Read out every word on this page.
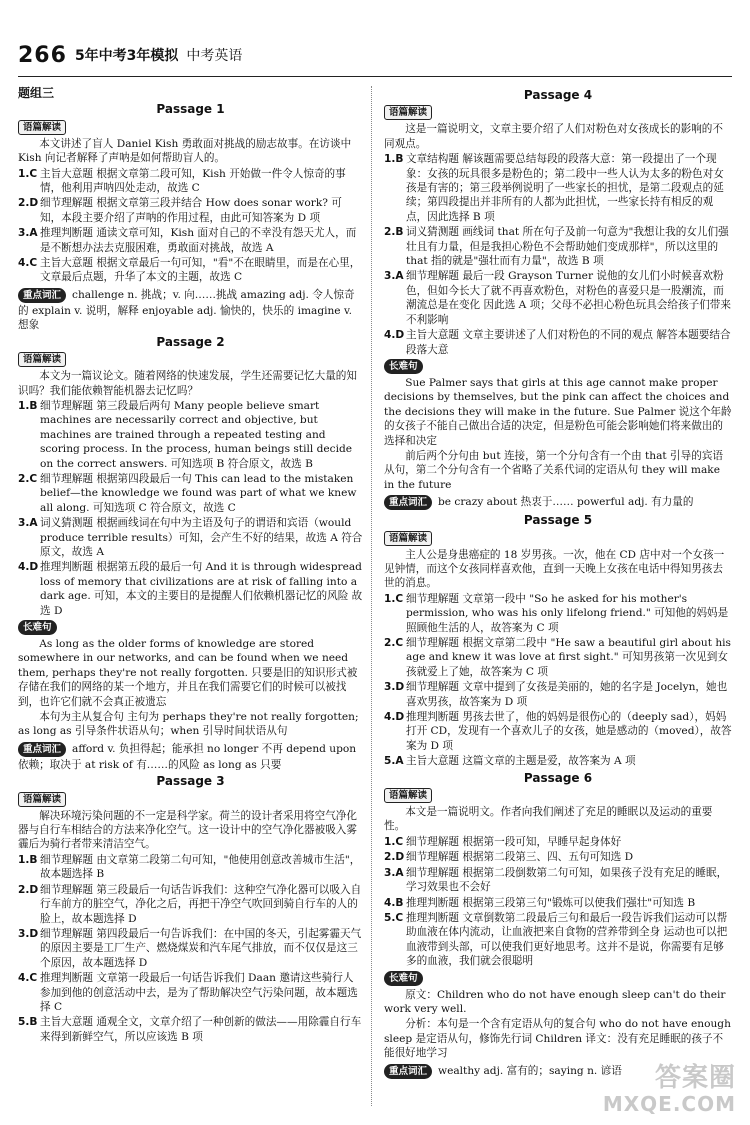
266 5年中考3年模拟 中考英语
题组三
Passage 1
语篇解读
本文讲述了盲人 Daniel Kish 勇敢面对挑战的励志故事。在访谈中 Kish 向记者解释了声呐是如何帮助盲人的。
1.C 主旨大意题 根据文章第二段可知，Kish 开始做一件令人惊奇的事情，他利用声呐四处走动，故选 C
2.D 细节理解题 根据文章第三段并结合 How does sonar work? 可知，本段主要介绍了声呐的作用过程，由此可知答案为 D 项
3.A 推理判断题 通读文章可知，Kish 面对自己的不幸没有怨天尤人，而是不断想办法去克服困难，勇敢面对挑战，故选 A
4.C 主旨大意题 根据文章最后一句可知，"看"不在眼睛里，而是在心里，文章最后点题，升华了本文的主题，故选 C
重点词汇 challenge n. 挑战；v. 向……挑战 amazing adj. 令人惊奇的 explain v. 说明，解释 enjoyable adj. 愉快的，快乐的 imagine v. 想象
Passage 2
语篇解读
本文为一篇议论文。随着网络的快速发展，学生还需要记忆大量的知识吗？我们能依赖智能机器去记忆吗？
1.B 细节理解题 第三段最后两句 Many people believe smart machines are necessarily correct and objective, but machines are trained through a repeated testing and scoring process. In the process, human beings still decide on the correct answers. 可知选项 B 符合原文，故选 B
2.C 细节理解题 根据第四段最后一句 This can lead to the mistaken belief—the knowledge we found was part of what we knew all along. 可知选项 C 符合原文，故选 C
3.A 词义猜测题 根据画线词在句中为主语及句子的谓语和宾语（would produce terrible results）可知，会产生不好的结果，故选 A 符合原文，故选 A
4.D 推理判断题 根据第五段的最后一句 And it is through widespread loss of memory that civilizations are at risk of falling into a dark age. 可知，本文的主要目的是提醒人们依赖机器记忆的风险 故选 D
长难句
As long as the older forms of knowledge are stored somewhere in our networks, and can be found when we need them, perhaps they're not really forgotten. 只要是旧的知识形式被存储在我们的网络的某一个地方，并且在我们需要它们的时候可以被找到，也许它们就不会真正被遗忘
本句为主从复合句 主句为 perhaps they're not really forgotten; as long as 引导条件状语从句；when 引导时间状语从句
重点词汇 afford v. 负担得起；能承担 no longer 不再 depend upon 依赖；取决于 at risk of 有……的风险 as long as 只要
Passage 3
语篇解读
解决环境污染问题的不一定是科学家。荷兰的设计者采用将空气净化器与自行车相结合的方法来净化空气。这一设计中的空气净化器被吸入雾霾后为骑行者带来清洁空气。
1.B 细节理解题 由文章第二段第二句可知，"他使用创意改善城市生活"，故本题选择 B
2.D 细节理解题 第三段最后一句话告诉我们：这种空气净化器可以吸入自行车前方的脏空气，净化之后，再把干净空气吹回到骑自行车的人的脸上，故本题选择 D
3.D 细节理解题 第四段最后一句告诉我们：在中国的冬天，引起雾霾天气的原因主要是工厂生产、燃烧煤炭和汽车尾气排放，而不仅仅是这三个原因，故本题选择 D
4.C 推理判断题 文章第一段最后一句话告诉我们 Daan 邀请这些骑行人参加到他的创意活动中去，是为了帮助解决空气污染问题，故本题选择 C
5.B 主旨大意题 通观全文，文章介绍了一种创新的做法——用除霾自行车来得到新鲜空气，所以应该选 B 项
Passage 4
语篇解读
这是一篇说明文，文章主要介绍了人们对粉色对女孩成长的影响的不同观点。
1.B 文章结构题 解该题需要总结每段的段落大意：第一段提出了一个现象：女孩的玩具很多是粉色的；第二段中一些人认为太多的粉色对女孩是有害的；第三段举例说明了一些家长的担忧，是第二段观点的延续；第四段提出并非所有的人都为此担忧，一些家长持有相反的观点，因此选择 B 项
2.B 词义猜测题 画线词 that 所在句子及前一句意为"我想让我的女儿们强壮且有力量，但是我担心粉色不会帮助她们变成那样"，所以这里的 that 指的就是"强壮而有力量"，故选 B 项
3.A 细节理解题 最后一段 Grayson Turner 说他的女儿们小时候喜欢粉色，但如今长大了就不再喜欢粉色，对粉色的喜爱只是一股潮流，而潮流总是在变化 因此选 A 项；父母不必担心粉色玩具会给孩子们带来不利影响
4.D 主旨大意题 文章主要讲述了人们对粉色的不同的观点 解答本题要结合段落大意
长难句
Sue Palmer says that girls at this age cannot make proper decisions by themselves, but the pink can affect the choices and the decisions they will make in the future. Sue Palmer 说这个年龄的女孩子不能自己做出合适的决定，但是粉色可能会影响她们将来做出的选择和决定
前后两个分句由 but 连接，第一个分句含有一个由 that 引导的宾语从句，第二个分句含有一个省略了关系代词的定语从句 they will make in the future
重点词汇 be crazy about 热衷于…… powerful adj. 有力量的
Passage 5
语篇解读
主人公是身患癌症的 18 岁男孩。一次，他在 CD 店中对一个女孩一见钟情，而这个女孩同样喜欢他，直到一天晚上女孩在电话中得知男孩去世的消息。
1.C 细节理解题 文章第一段中 "So he asked for his mother's permission, who was his only lifelong friend." 可知他的妈妈是照顾他生活的人，故答案为 C 项
2.C 细节理解题 根据文章第二段中 "He saw a beautiful girl about his age and knew it was love at first sight." 可知男孩第一次见到女孩就爱上了她，故答案为 C 项
3.D 细节理解题 文章中提到了女孩是美丽的，她的名字是 Jocelyn，她也喜欢男孩，故答案为 D 项
4.D 推理判断题 男孩去世了，他的妈妈是很伤心的（deeply sad），妈妈打开 CD，发现有一个喜欢儿子的女孩，她是感动的（moved），故答案为 D 项
5.A 主旨大意题 这篇文章的主题是爱，故答案为 A 项
Passage 6
语篇解读
本文是一篇说明文。作者向我们阐述了充足的睡眠以及运动的重要性。
1.C 细节理解题 根据第一段可知，早睡早起身体好
2.D 细节理解题 根据第二段第三、四、五句可知选 D
3.A 细节理解题 根据第二段倒数第二句可知，如果孩子没有充足的睡眠，学习效果也不会好
4.B 推理判断题 根据第三段第三句"锻炼可以使我们强壮"可知选 B
5.C 推理判断题 文章倒数第二段最后三句和最后一段告诉我们运动可以帮助血液在体内流动，让血液把来自食物的营养带到全身 运动也可以把血液带到头部，可以使我们更好地思考。这并不是说，你需要有足够多的血液，我们就会很聪明
长难句
原文：Children who do not have enough sleep can't do their work very well.
分析：本句是一个含有定语从句的复合句 who do not have enough sleep 是定语从句，修饰先行词 Children 译文：没有充足睡眠的孩子不能很好地学习
重点词汇 wealthy adj. 富有的；saying n. 谚语	答案圈
MXQE.COM
